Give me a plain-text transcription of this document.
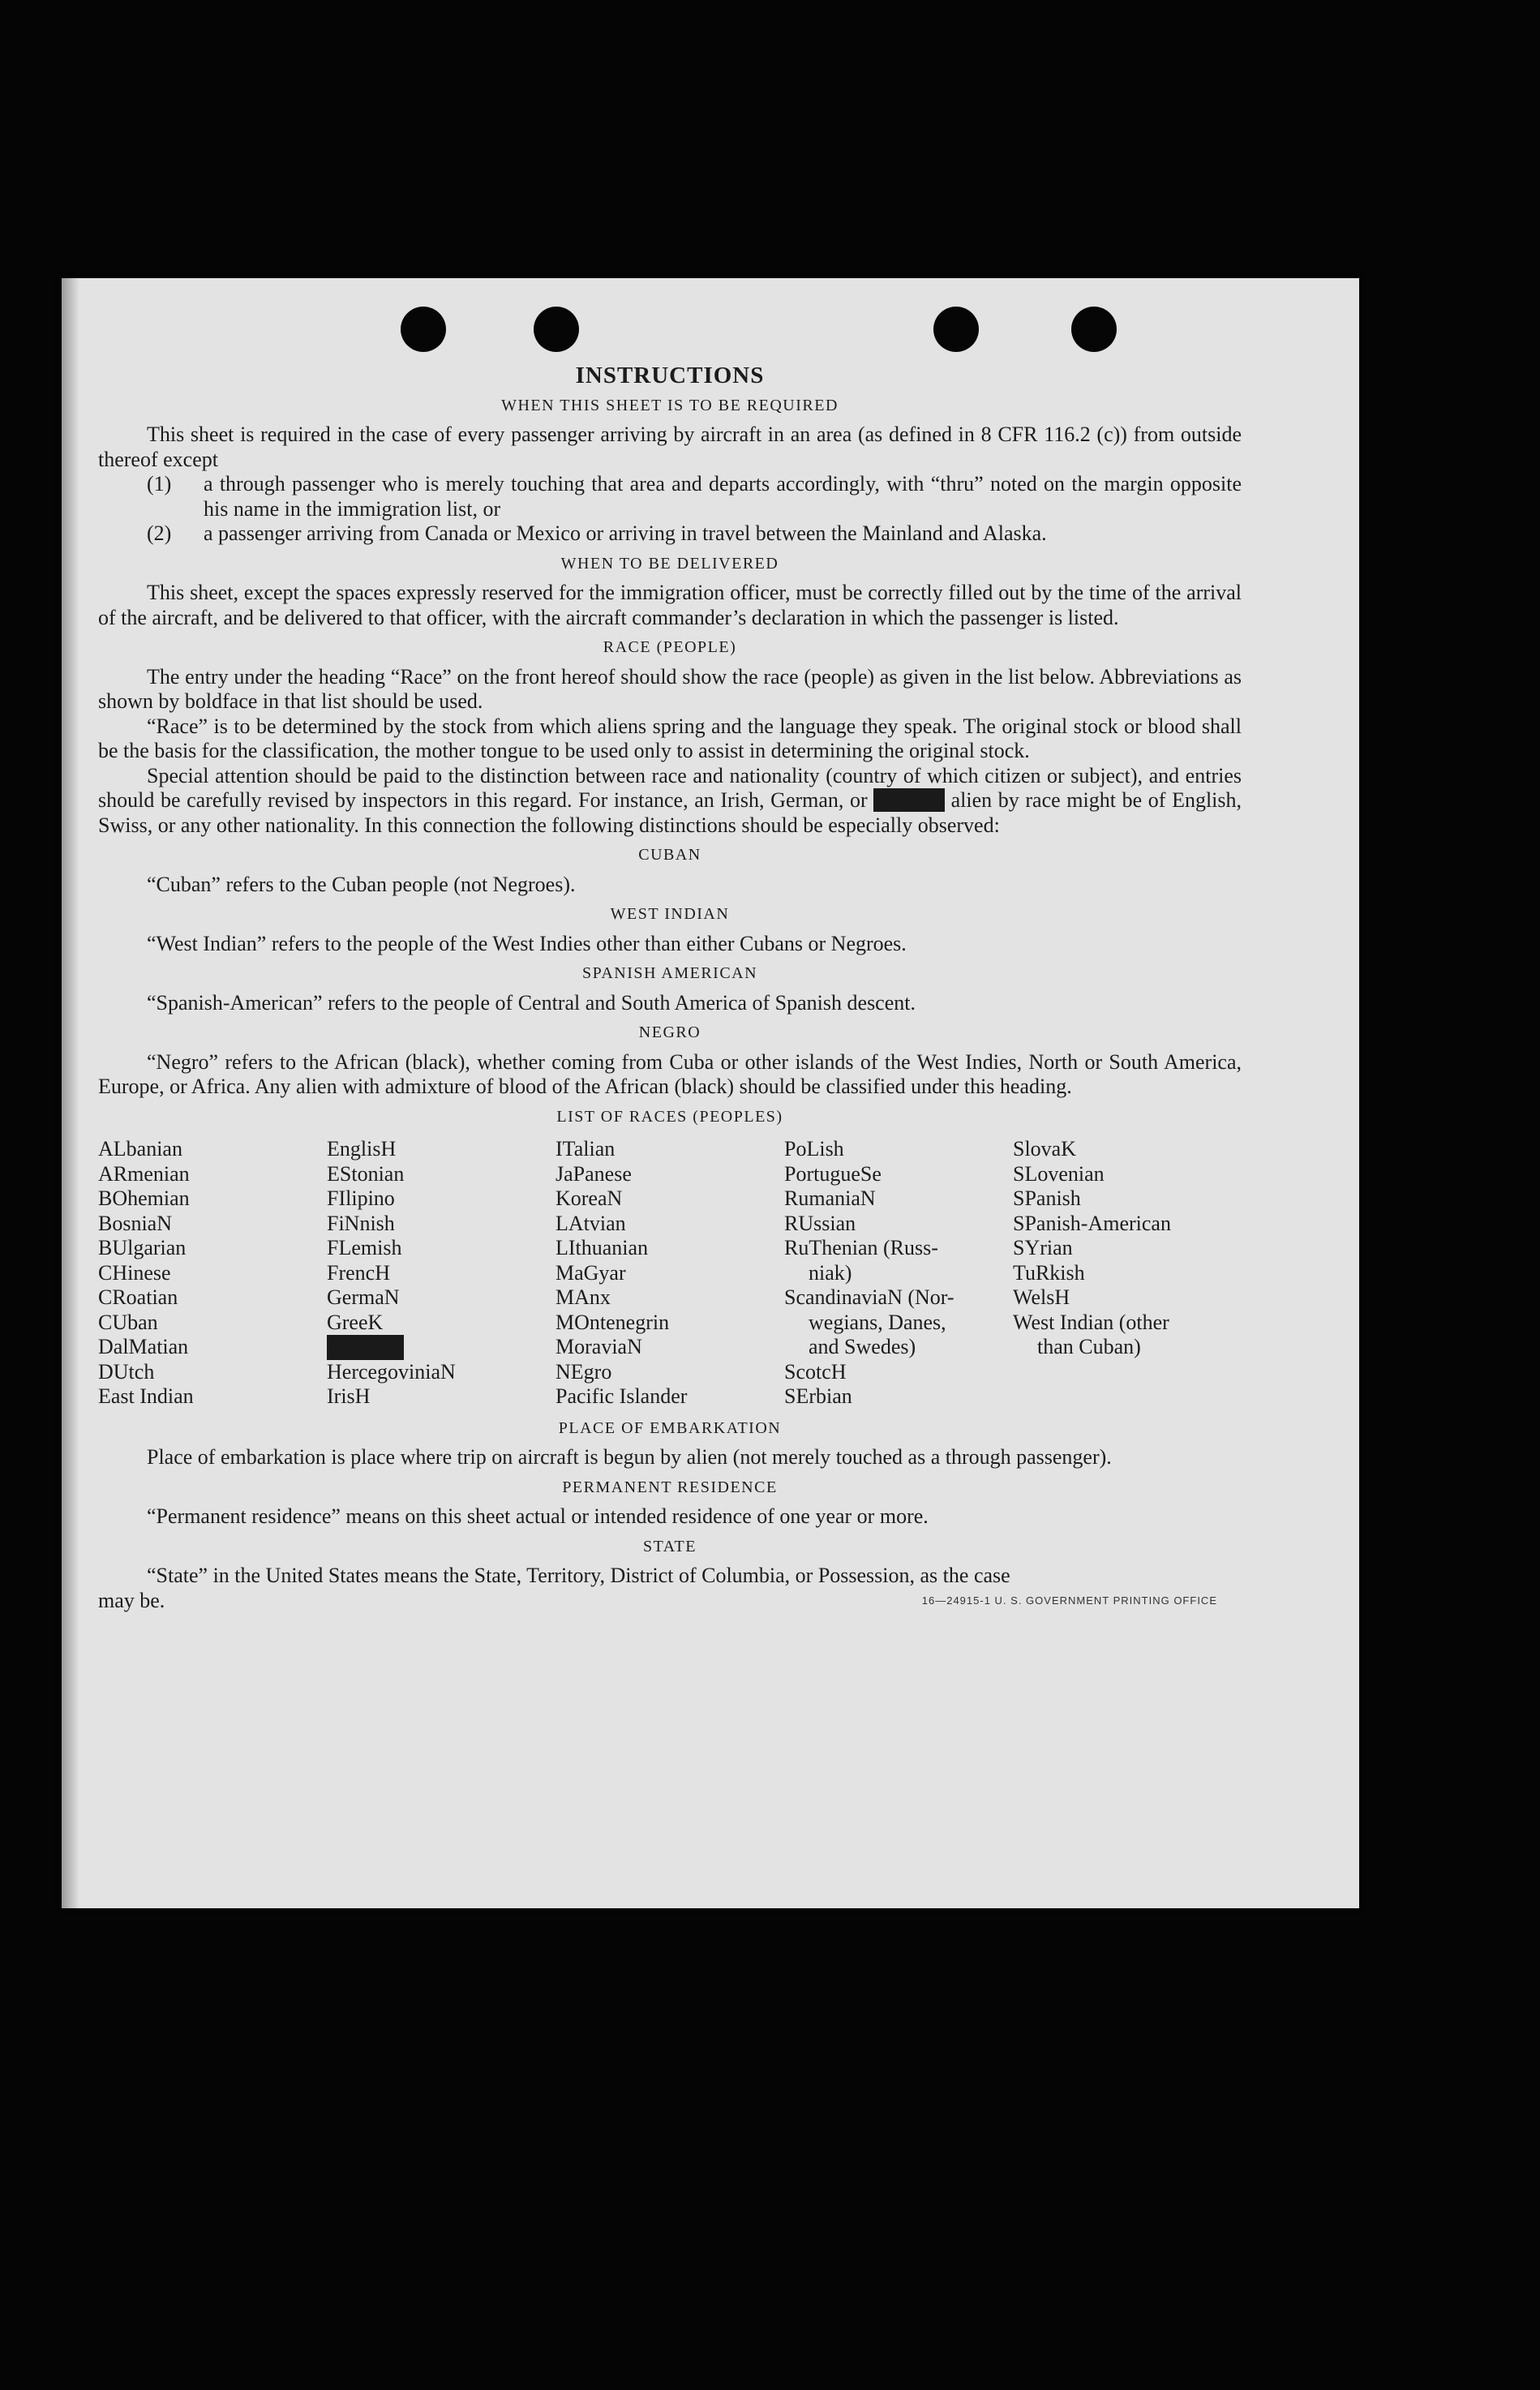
INSTRUCTIONS
WHEN THIS SHEET IS TO BE REQUIRED

This sheet is required in the case of every passenger arriving by aircraft in an area (as defined in 8 CFR 116.2 (c)) from outside thereof except

(1)	a through passenger who is merely touching that area and departs accordingly, with “thru” noted on the margin opposite his name in the immigration list, or
(2)	a passenger arriving from Canada or Mexico or arriving in travel between the Mainland and Alaska.
WHEN TO BE DELIVERED

This sheet, except the spaces expressly reserved for the immigration officer, must be correctly filled out by the time of the arrival of the aircraft, and be delivered to that officer, with the aircraft commander’s declaration in which the passenger is listed.

RACE (PEOPLE)

The entry under the heading “Race” on the front hereof should show the race (people) as given in the list below. Abbreviations as shown by boldface in that list should be used.

“Race” is to be determined by the stock from which aliens spring and the language they speak. The original stock or blood shall be the basis for the classification, the mother tongue to be used only to assist in determining the original stock.

Special attention should be paid to the distinction between race and nationality (country of which citizen or subject), and entries should be carefully revised by inspectors in this regard. For instance, an Irish, German, or Hebrew alien by race might be of English, Swiss, or any other nationality. In this connection the following distinctions should be especially observed:

CUBAN

“Cuban” refers to the Cuban people (not Negroes).

WEST INDIAN

“West Indian” refers to the people of the West Indies other than either Cubans or Negroes.

SPANISH AMERICAN

“Spanish-American” refers to the people of Central and South America of Spanish descent.

NEGRO

“Negro” refers to the African (black), whether coming from Cuba or other islands of the West Indies, North or South America, Europe, or Africa. Any alien with admixture of blood of the African (black) should be classified under this heading.

LIST OF RACES (PEOPLES)
ALbanian
ARmenian
BOhemian
BosniaN
BUlgarian
CHinese
CRoatian
CUban
DalMatian
DUtch
East Indian
EnglisH
EStonian
FIlipino
FiNnish
FLemish
FrencH
GermaN
GreeK
HebreW
HercegoviniaN
IrisH
ITalian
JaPanese
KoreaN
LAtvian
LIthuanian
MaGyar
MAnx
MOntenegrin
MoraviaN
NEgro
Pacific Islander
PoLish
PortugueSe
RumaniaN
RUssian
RuThenian (Russ-
niak)
ScandinaviaN (Nor-
wegians, Danes,
and Swedes)
ScotcH
SErbian
SlovaK
SLovenian
SPanish
SPanish-American
SYrian
TuRkish
WelsH
West Indian (other
than Cuban)
PLACE OF EMBARKATION

Place of embarkation is place where trip on aircraft is begun by alien (not merely touched as a through passenger).

PERMANENT RESIDENCE

“Permanent residence” means on this sheet actual or intended residence of one year or more.

STATE

“State” in the United States means the State, Territory, District of Columbia, or Possession, as the case

may be.	16—24915-1 U. S. GOVERNMENT PRINTING OFFICE
